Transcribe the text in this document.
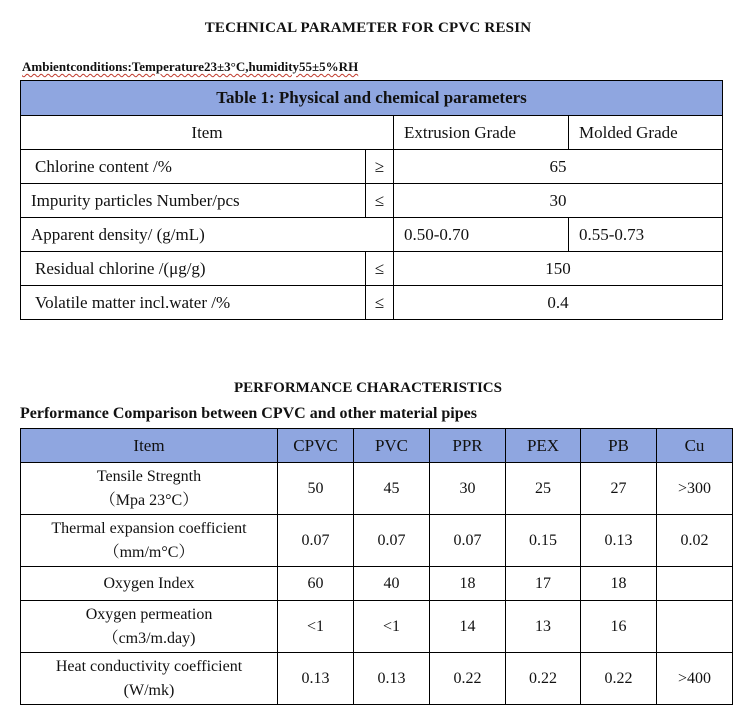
TECHNICAL PARAMETER FOR CPVC RESIN
Ambientconditions:Temperature23±3°C,humidity55±5%RH
Table 1: Physical and chemical parameters			
Item		Extrusion Grade	Molded Grade
Chlorine content /%	≥	65	
Impurity particles Number/pcs	≤	30	
Apparent density/ (g/mL)		0.50-0.70	0.55-0.73
Residual chlorine /(μg/g)	≤	150	
Volatile matter incl.water /%	≤	0.4	
PERFORMANCE CHARACTERISTICS
Performance Comparison between CPVC and other material pipes
Item	CPVC	PVC	PPR	PEX	PB	Cu

Tensile Stregnth
（Mpa 23°C）	50	45	30	25	27	>300

Thermal expansion coefficient
（mm/m°C）	0.07	0.07	0.07	0.15	0.13	0.02
Oxygen Index	60	40	18	17	18	

Oxygen permeation
（cm3/m.day)	<1	<1	14	13	16	

Heat conductivity coefficient
(W/mk)	0.13	0.13	0.22	0.22	0.22	>400
